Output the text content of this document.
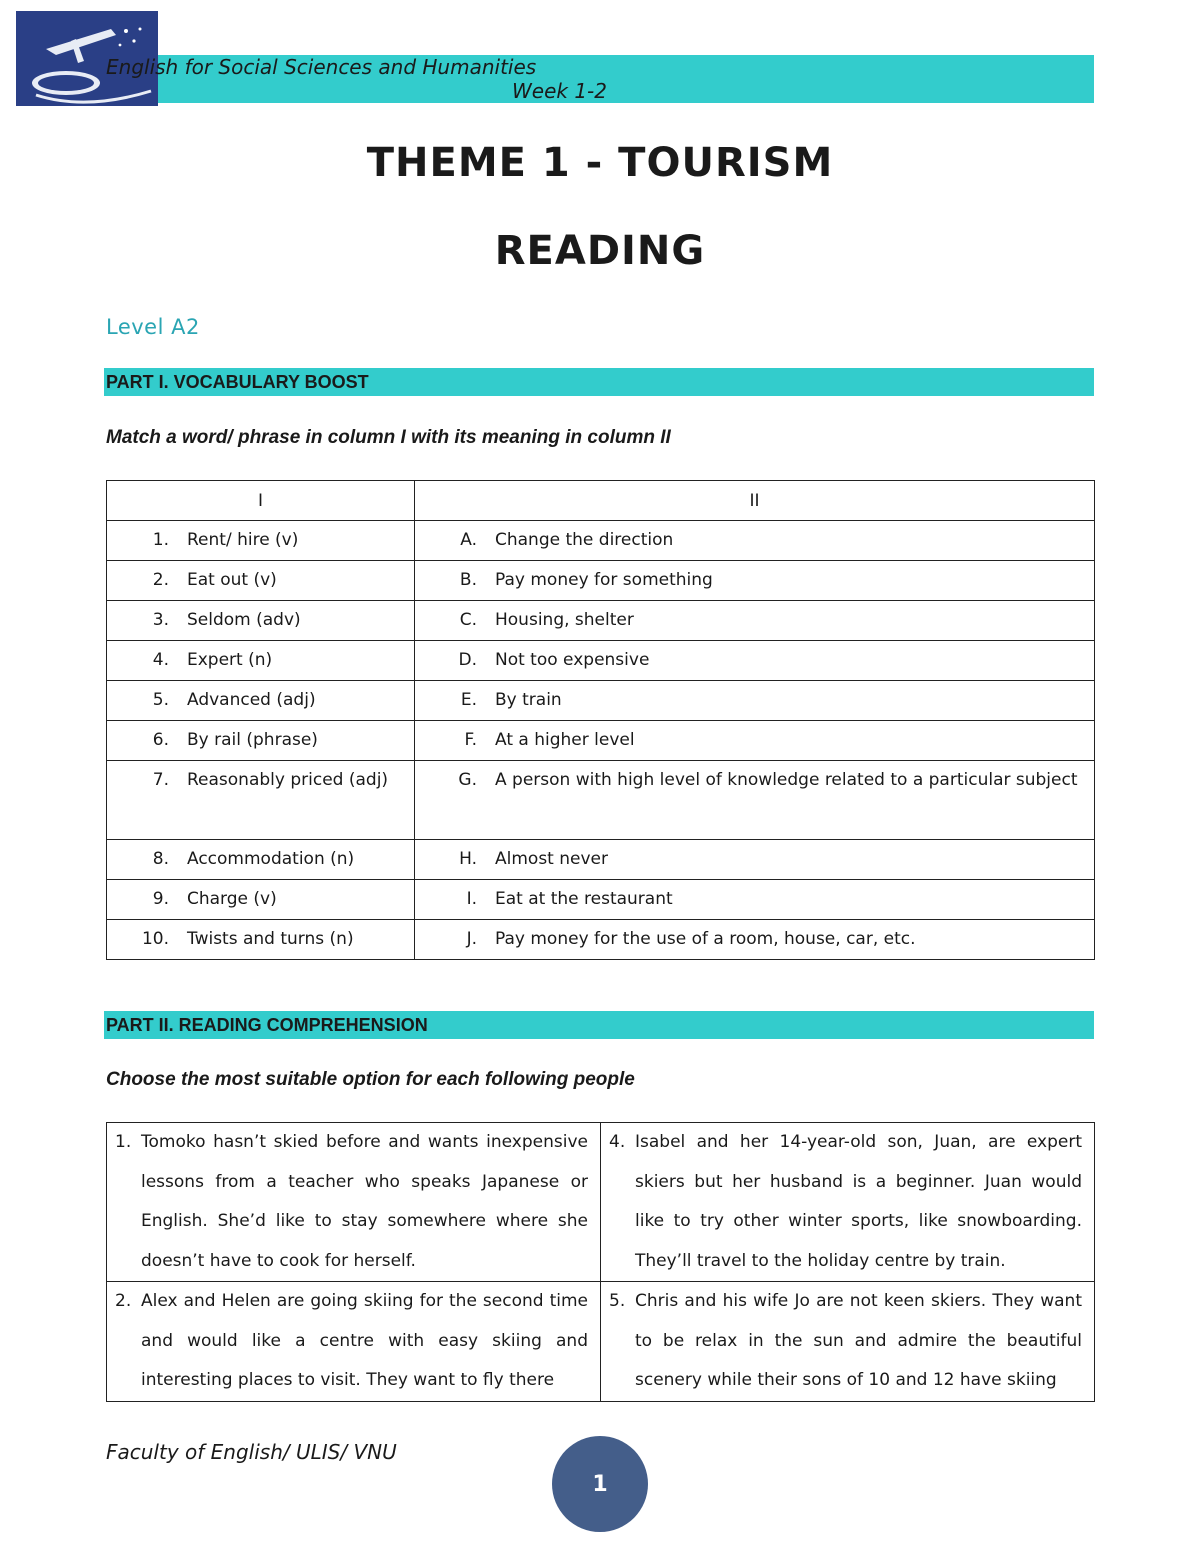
English for Social Sciences and Humanities
Week 1-2
THEME 1 - TOURISM
READING
Level A2
PART I. VOCABULARY BOOST
Match a word/ phrase in column I with its meaning in column II
I	II

1. Rent/ hire (v)	A. Change the direction

2. Eat out (v)	B. Pay money for something

3. Seldom (adv)	C. Housing, shelter

4. Expert (n)	D. Not too expensive

5. Advanced (adj)	E. By train

6. By rail (phrase)	F. At a higher level

7. Reasonably priced (adj)	G. A person with high level of knowledge related to a particular subject

8. Accommodation (n)	H. Almost never

9. Charge (v)	I. Eat at the restaurant

10. Twists and turns (n)	J. Pay money for the use of a room, house, car, etc.
PART II. READING COMPREHENSION
Choose the most suitable option for each following people
1. Tomoko hasn’t skied before and wants inexpensive lessons from a teacher who speaks Japanese or English. She’d like to stay somewhere where she doesn’t have to cook for herself.	4. Isabel and her 14-year-old son, Juan, are expert skiers but her husband is a beginner. Juan would like to try other winter sports, like snowboarding. They’ll travel to the holiday centre by train.

2. Alex and Helen are going skiing for the second time and would like a centre with easy skiing and interesting places to visit. They want to fly there	5. Chris and his wife Jo are not keen skiers. They want to be relax in the sun and admire the beautiful scenery while their sons of 10 and 12 have skiing
Faculty of English/ ULIS/ VNU
1
